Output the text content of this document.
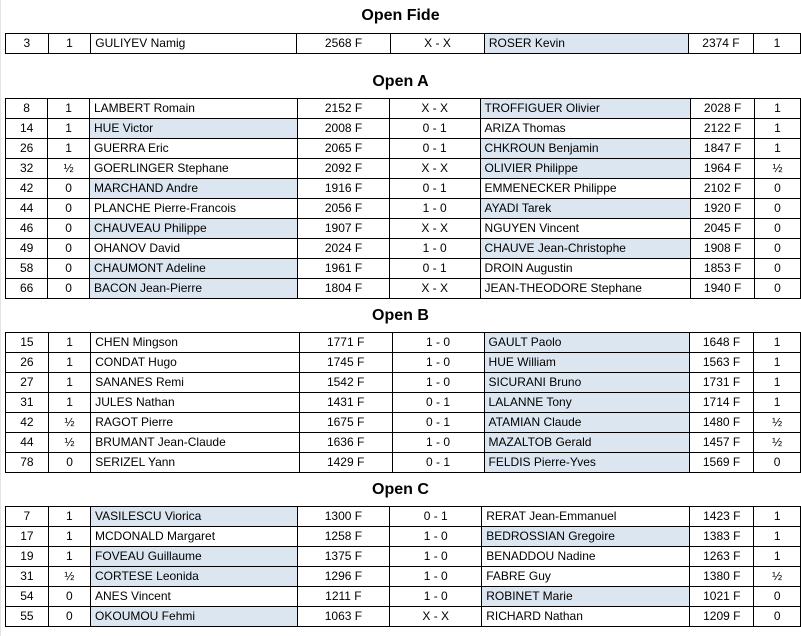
Open Fide
3	1	GULIYEV Namig	2568 F	X - X	ROSER Kevin	2374 F	1
Open A
8	1	LAMBERT Romain	2152 F	X - X	TROFFIGUER Olivier	2028 F	1
14	1	HUE Victor	2008 F	0 - 1	ARIZA Thomas	2122 F	1
26	1	GUERRA Eric	2065 F	0 - 1	CHKROUN Benjamin	1847 F	1
32	½	GOERLINGER Stephane	2092 F	X - X	OLIVIER Philippe	1964 F	½
42	0	MARCHAND Andre	1916 F	0 - 1	EMMENECKER Philippe	2102 F	0
44	0	PLANCHE Pierre-Francois	2056 F	1 - 0	AYADI Tarek	1920 F	0
46	0	CHAUVEAU Philippe	1907 F	X - X	NGUYEN Vincent	2045 F	0
49	0	OHANOV David	2024 F	1 - 0	CHAUVE Jean-Christophe	1908 F	0
58	0	CHAUMONT Adeline	1961 F	0 - 1	DROIN Augustin	1853 F	0
66	0	BACON Jean-Pierre	1804 F	X - X	JEAN-THEODORE Stephane	1940 F	0
Open B
15	1	CHEN Mingson	1771 F	1 - 0	GAULT Paolo	1648 F	1
26	1	CONDAT Hugo	1745 F	1 - 0	HUE William	1563 F	1
27	1	SANANES Remi	1542 F	1 - 0	SICURANI Bruno	1731 F	1
31	1	JULES Nathan	1431 F	0 - 1	LALANNE Tony	1714 F	1
42	½	RAGOT Pierre	1675 F	0 - 1	ATAMIAN Claude	1480 F	½
44	½	BRUMANT Jean-Claude	1636 F	1 - 0	MAZALTOB Gerald	1457 F	½
78	0	SERIZEL Yann	1429 F	0 - 1	FELDIS Pierre-Yves	1569 F	0
Open C
7	1	VASILESCU Viorica	1300 F	0 - 1	RERAT Jean-Emmanuel	1423 F	1
17	1	MCDONALD Margaret	1258 F	1 - 0	BEDROSSIAN Gregoire	1383 F	1
19	1	FOVEAU Guillaume	1375 F	1 - 0	BENADDOU Nadine	1263 F	1
31	½	CORTESE Leonida	1296 F	1 - 0	FABRE Guy	1380 F	½
54	0	ANES Vincent	1211 F	1 - 0	ROBINET Marie	1021 F	0
55	0	OKOUMOU Fehmi	1063 F	X - X	RICHARD Nathan	1209 F	0
